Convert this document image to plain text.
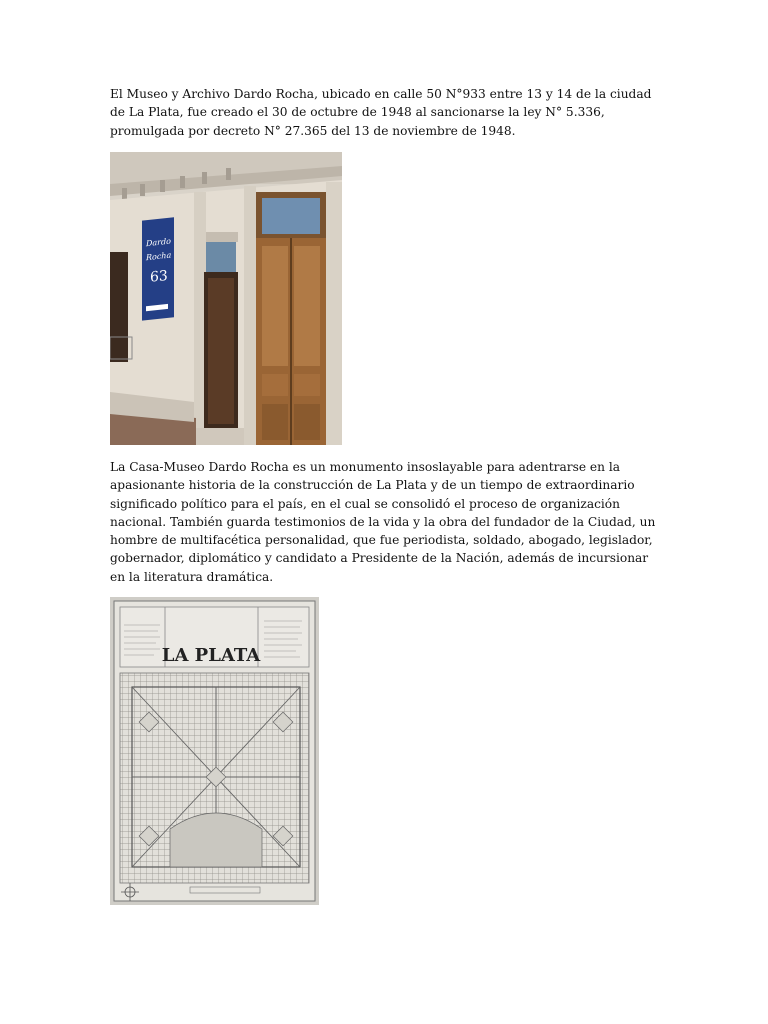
El Museo y Archivo Dardo Rocha, ubicado en calle 50 N°933 entre 13 y 14 de la ciudad de La Plata, fue creado el 30 de octubre de 1948 al sancionarse la ley N° 5.336, promulgada por decreto N° 27.365 del 13 de noviembre de 1948.

Dardo
Rocha
63

La Casa-Museo Dardo Rocha es un monumento insoslayable para adentrarse en la apasionante historia de la construcción de La Plata y de un tiempo de extraordinario significado político para el país, en el cual se consolidó el proceso de organización nacional. También guarda testimonios de la vida y la obra del fundador de la Ciudad, un hombre de multifacética personalidad, que fue periodista, soldado, abogado, legislador, gobernador, diplomático y candidato a Presidente de la Nación, además de incursionar en la literatura dramática.

LA PLATA
